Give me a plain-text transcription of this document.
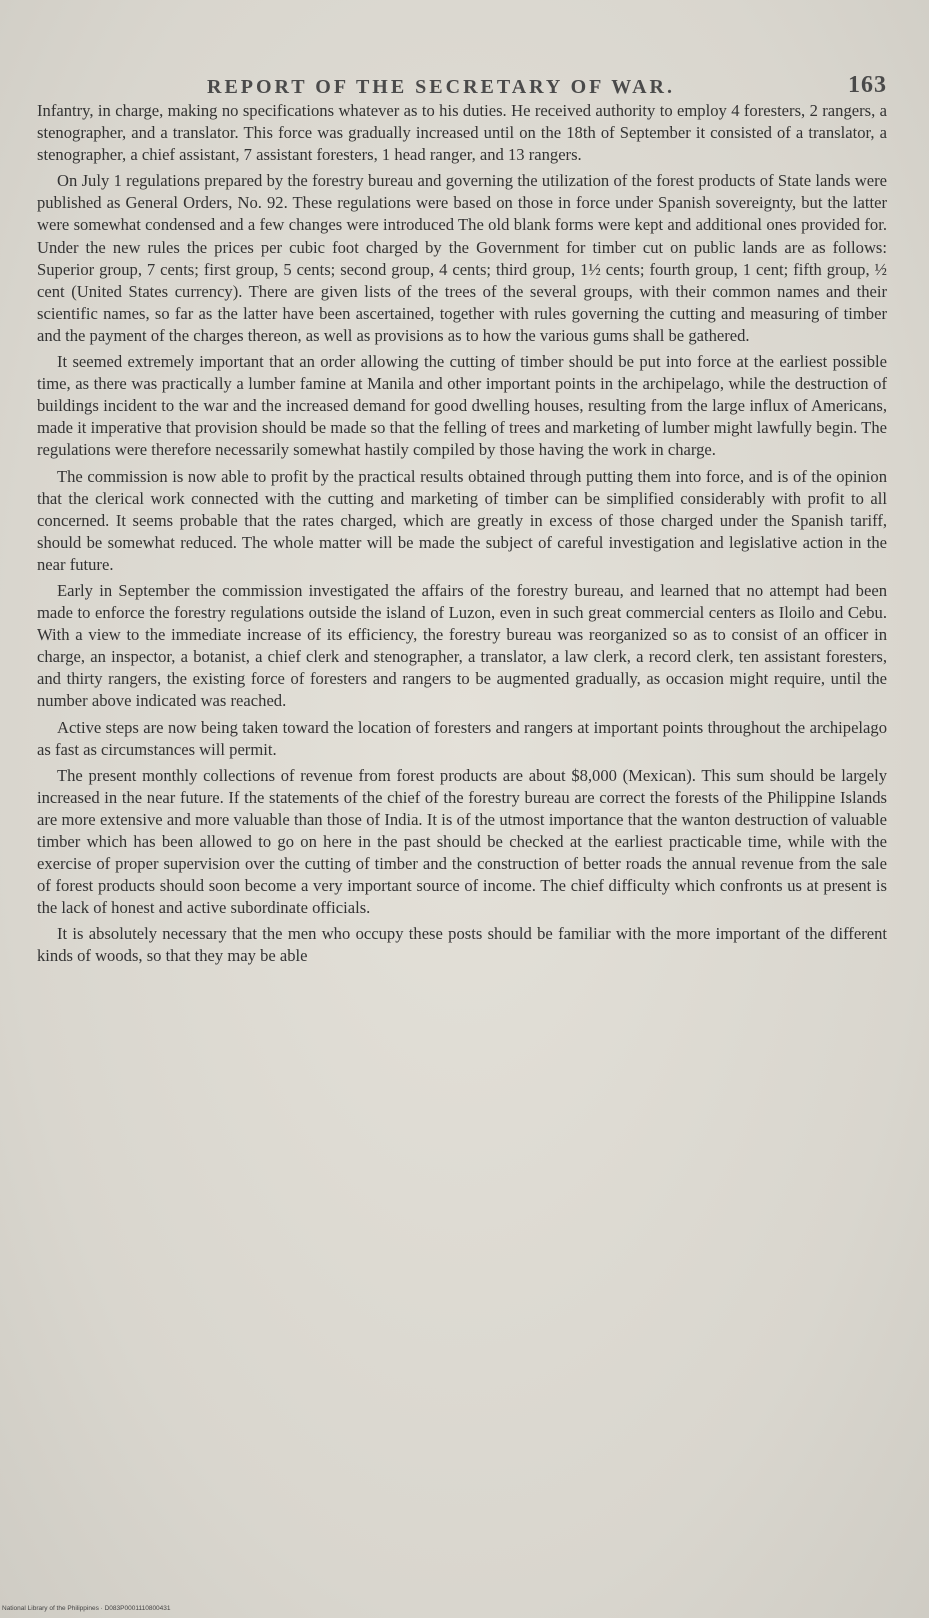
REPORT OF THE SECRETARY OF WAR.	163

Infantry, in charge, making no specifications whatever as to his duties. He received authority to employ 4 foresters, 2 rangers, a stenographer, and a translator. This force was gradually increased until on the 18th of September it consisted of a translator, a stenographer, a chief assistant, 7 assistant foresters, 1 head ranger, and 13 rangers.

On July 1 regulations prepared by the forestry bureau and governing the utilization of the forest products of State lands were published as General Orders, No. 92. These regulations were based on those in force under Spanish sovereignty, but the latter were somewhat condensed and a few changes were introduced The old blank forms were kept and additional ones provided for. Under the new rules the prices per cubic foot charged by the Government for timber cut on public lands are as follows: Superior group, 7 cents; first group, 5 cents; second group, 4 cents; third group, 1½ cents; fourth group, 1 cent; fifth group, ½ cent (United States currency). There are given lists of the trees of the several groups, with their common names and their scientific names, so far as the latter have been ascertained, together with rules governing the cutting and measuring of timber and the payment of the charges thereon, as well as provisions as to how the various gums shall be gathered.

It seemed extremely important that an order allowing the cutting of timber should be put into force at the earliest possible time, as there was practically a lumber famine at Manila and other important points in the archipelago, while the destruction of buildings incident to the war and the increased demand for good dwelling houses, resulting from the large influx of Americans, made it imperative that provision should be made so that the felling of trees and marketing of lumber might lawfully begin. The regulations were therefore necessarily somewhat hastily compiled by those having the work in charge.

The commission is now able to profit by the practical results obtained through putting them into force, and is of the opinion that the clerical work connected with the cutting and marketing of timber can be simplified considerably with profit to all concerned. It seems probable that the rates charged, which are greatly in excess of those charged under the Spanish tariff, should be somewhat reduced. The whole matter will be made the subject of careful investigation and legislative action in the near future.

Early in September the commission investigated the affairs of the forestry bureau, and learned that no attempt had been made to enforce the forestry regulations outside the island of Luzon, even in such great commercial centers as Iloilo and Cebu. With a view to the immediate increase of its efficiency, the forestry bureau was reorganized so as to consist of an officer in charge, an inspector, a botanist, a chief clerk and stenographer, a translator, a law clerk, a record clerk, ten assistant foresters, and thirty rangers, the existing force of foresters and rangers to be augmented gradually, as occasion might require, until the number above indicated was reached.

Active steps are now being taken toward the location of foresters and rangers at important points throughout the archipelago as fast as circumstances will permit.

The present monthly collections of revenue from forest products are about $8,000 (Mexican). This sum should be largely increased in the near future. If the statements of the chief of the forestry bureau are correct the forests of the Philippine Islands are more extensive and more valuable than those of India. It is of the utmost importance that the wanton destruction of valuable timber which has been allowed to go on here in the past should be checked at the earliest practicable time, while with the exercise of proper supervision over the cutting of timber and the construction of better roads the annual revenue from the sale of forest products should soon become a very important source of income. The chief difficulty which confronts us at present is the lack of honest and active subordinate officials.

It is absolutely necessary that the men who occupy these posts should be familiar with the more important of the different kinds of woods, so that they may be able

National Library of the Philippines · D083P0001110800431
